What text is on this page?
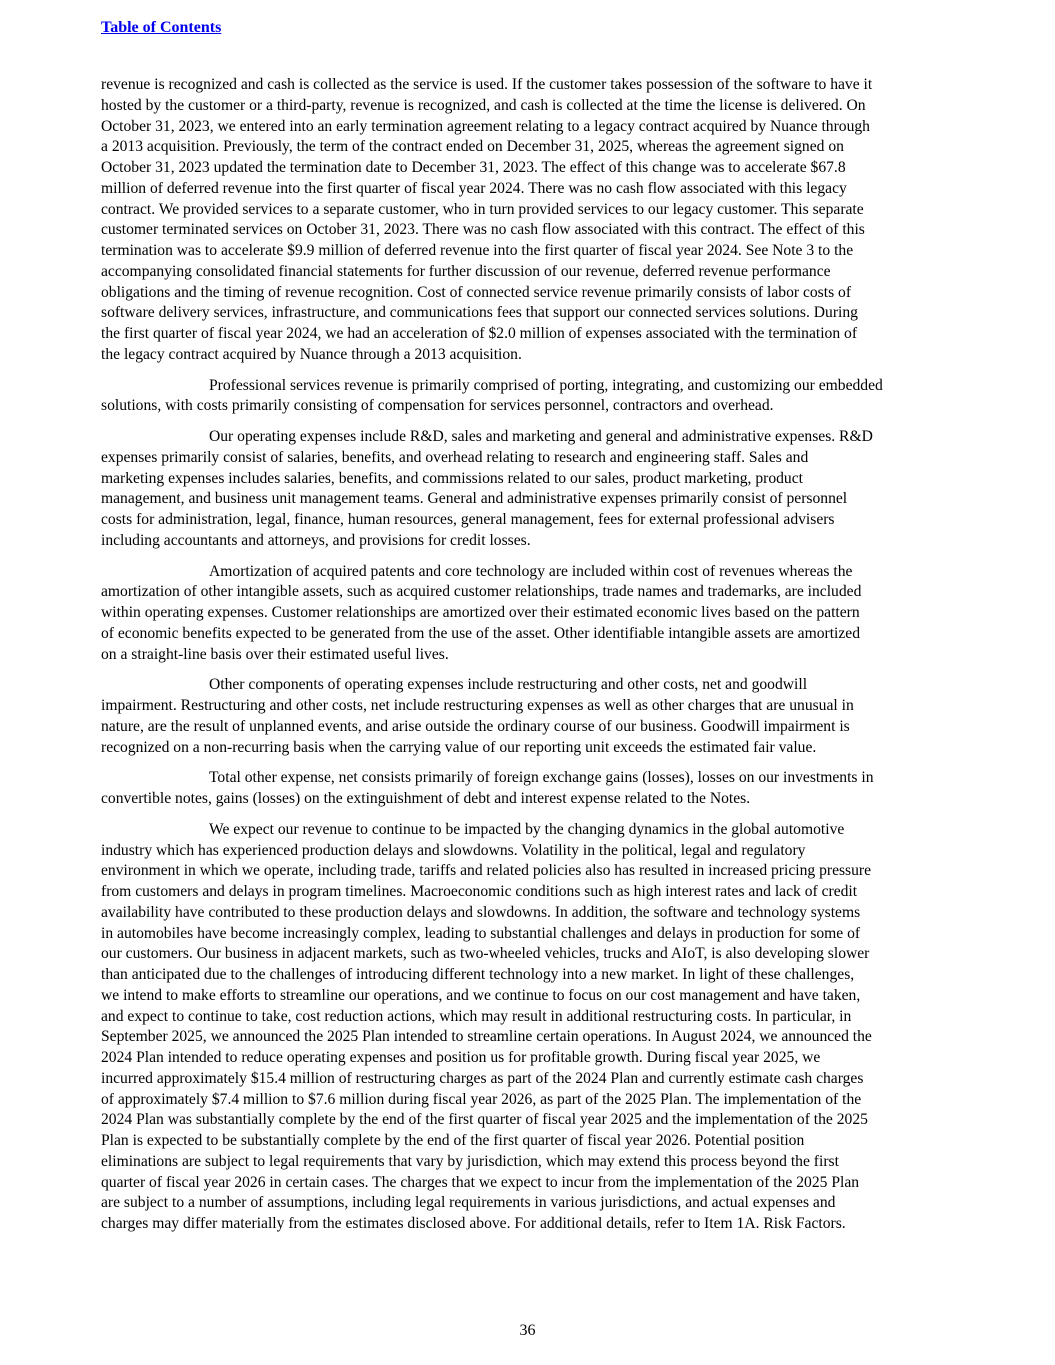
Table of Contents
revenue is recognized and cash is collected as the service is used. If the customer takes possession of the software to have it
hosted by the customer or a third-party, revenue is recognized, and cash is collected at the time the license is delivered. On
October 31, 2023, we entered into an early termination agreement relating to a legacy contract acquired by Nuance through
a 2013 acquisition. Previously, the term of the contract ended on December 31, 2025, whereas the agreement signed on
October 31, 2023 updated the termination date to December 31, 2023. The effect of this change was to accelerate $67.8
million of deferred revenue into the first quarter of fiscal year 2024. There was no cash flow associated with this legacy
contract. We provided services to a separate customer, who in turn provided services to our legacy customer. This separate
customer terminated services on October 31, 2023. There was no cash flow associated with this contract. The effect of this
termination was to accelerate $9.9 million of deferred revenue into the first quarter of fiscal year 2024. See Note 3 to the
accompanying consolidated financial statements for further discussion of our revenue, deferred revenue performance
obligations and the timing of revenue recognition. Cost of connected service revenue primarily consists of labor costs of
software delivery services, infrastructure, and communications fees that support our connected services solutions. During
the first quarter of fiscal year 2024, we had an acceleration of $2.0 million of expenses associated with the termination of
the legacy contract acquired by Nuance through a 2013 acquisition.
Professional services revenue is primarily comprised of porting, integrating, and customizing our embedded
solutions, with costs primarily consisting of compensation for services personnel, contractors and overhead.
Our operating expenses include R&D, sales and marketing and general and administrative expenses. R&D
expenses primarily consist of salaries, benefits, and overhead relating to research and engineering staff. Sales and
marketing expenses includes salaries, benefits, and commissions related to our sales, product marketing, product
management, and business unit management teams. General and administrative expenses primarily consist of personnel
costs for administration, legal, finance, human resources, general management, fees for external professional advisers
including accountants and attorneys, and provisions for credit losses.
Amortization of acquired patents and core technology are included within cost of revenues whereas the
amortization of other intangible assets, such as acquired customer relationships, trade names and trademarks, are included
within operating expenses. Customer relationships are amortized over their estimated economic lives based on the pattern
of economic benefits expected to be generated from the use of the asset. Other identifiable intangible assets are amortized
on a straight-line basis over their estimated useful lives.
Other components of operating expenses include restructuring and other costs, net and goodwill
impairment. Restructuring and other costs, net include restructuring expenses as well as other charges that are unusual in
nature, are the result of unplanned events, and arise outside the ordinary course of our business. Goodwill impairment is
recognized on a non-recurring basis when the carrying value of our reporting unit exceeds the estimated fair value.
Total other expense, net consists primarily of foreign exchange gains (losses), losses on our investments in
convertible notes, gains (losses) on the extinguishment of debt and interest expense related to the Notes.
We expect our revenue to continue to be impacted by the changing dynamics in the global automotive
industry which has experienced production delays and slowdowns. Volatility in the political, legal and regulatory
environment in which we operate, including trade, tariffs and related policies also has resulted in increased pricing pressure
from customers and delays in program timelines. Macroeconomic conditions such as high interest rates and lack of credit
availability have contributed to these production delays and slowdowns. In addition, the software and technology systems
in automobiles have become increasingly complex, leading to substantial challenges and delays in production for some of
our customers. Our business in adjacent markets, such as two-wheeled vehicles, trucks and AIoT, is also developing slower
than anticipated due to the challenges of introducing different technology into a new market. In light of these challenges,
we intend to make efforts to streamline our operations, and we continue to focus on our cost management and have taken,
and expect to continue to take, cost reduction actions, which may result in additional restructuring costs. In particular, in
September 2025, we announced the 2025 Plan intended to streamline certain operations. In August 2024, we announced the
2024 Plan intended to reduce operating expenses and position us for profitable growth. During fiscal year 2025, we
incurred approximately $15.4 million of restructuring charges as part of the 2024 Plan and currently estimate cash charges
of approximately $7.4 million to $7.6 million during fiscal year 2026, as part of the 2025 Plan. The implementation of the
2024 Plan was substantially complete by the end of the first quarter of fiscal year 2025 and the implementation of the 2025
Plan is expected to be substantially complete by the end of the first quarter of fiscal year 2026. Potential position
eliminations are subject to legal requirements that vary by jurisdiction, which may extend this process beyond the first
quarter of fiscal year 2026 in certain cases. The charges that we expect to incur from the implementation of the 2025 Plan
are subject to a number of assumptions, including legal requirements in various jurisdictions, and actual expenses and
charges may differ materially from the estimates disclosed above. For additional details, refer to Item 1A. Risk Factors.
36
